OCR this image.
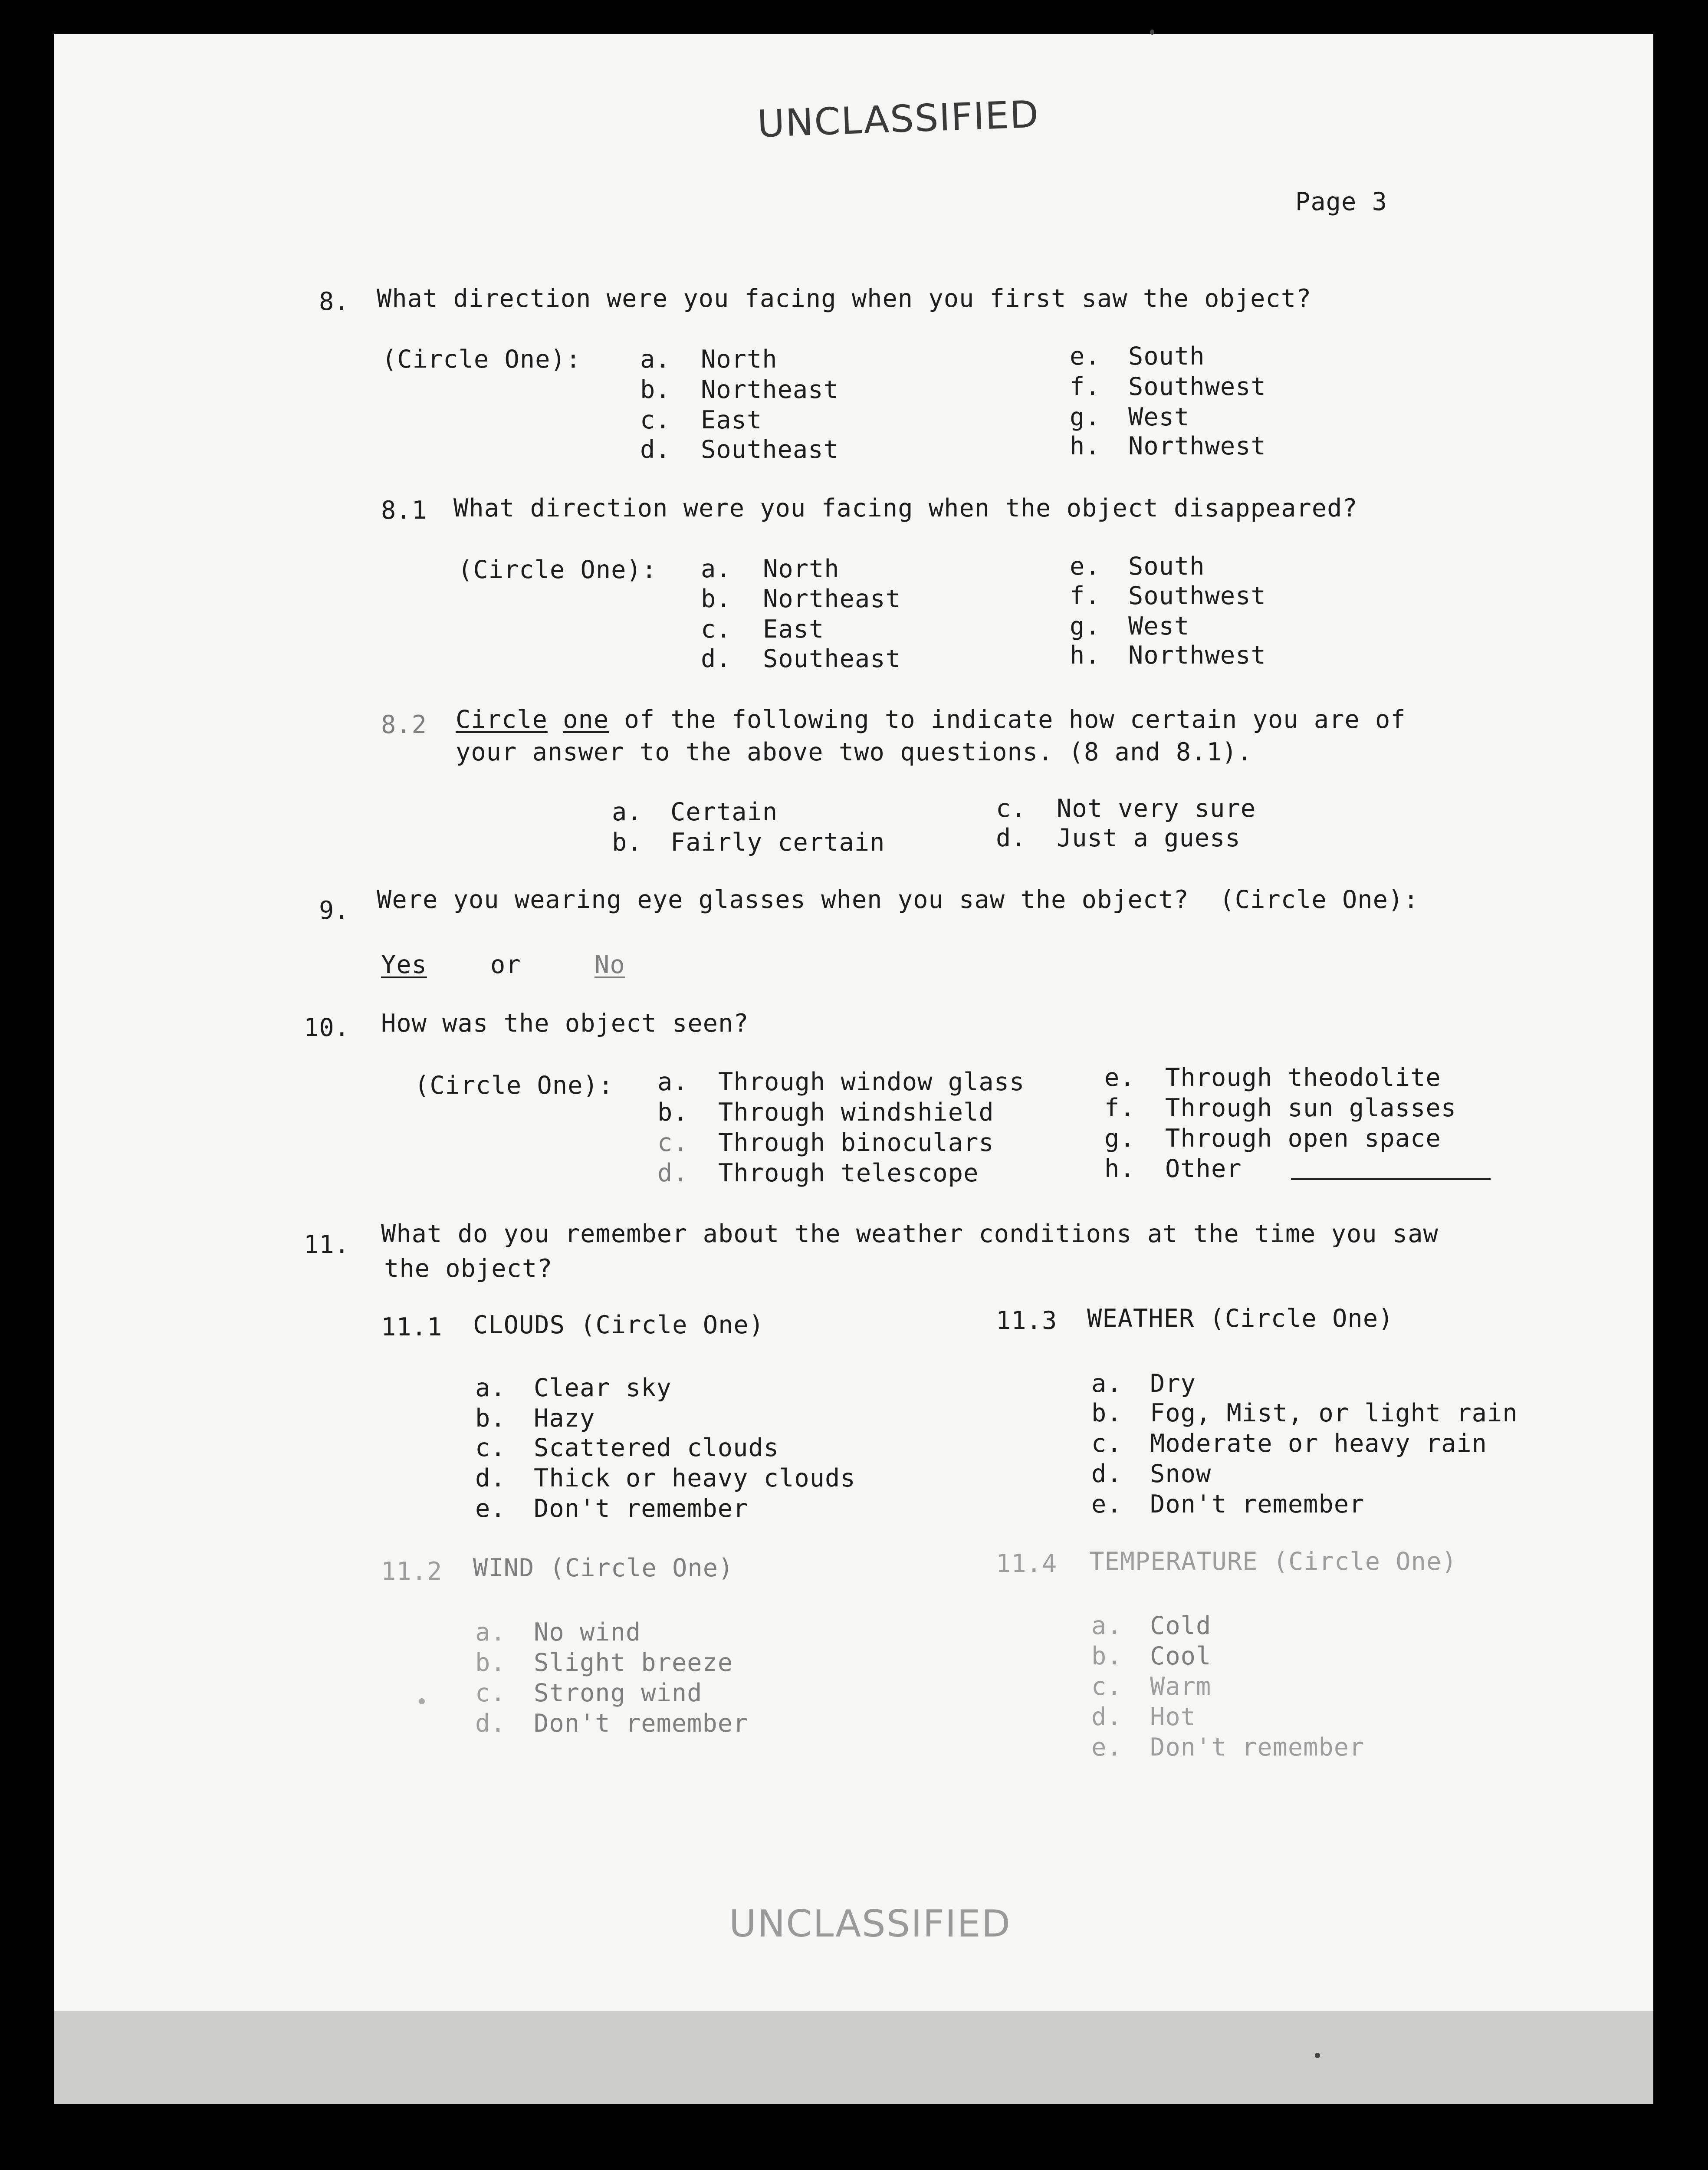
UNCLASSIFIED
Page 3
8. What direction were you facing when you first saw the object?
(Circle One): a. North
b. Northeast
c. East
d. Southeast
e. South
f. Southwest
g. West
h. Northwest
8.1 What direction were you facing when the object disappeared?
(Circle One): a. North
b. Northeast
c. East
d. Southeast
e. South
f. Southwest
g. West
h. Northwest
8.2 Circle one of the following to indicate how certain you are of
your answer to the above two questions. (8 and 8.1).
a. Certain
b. Fairly certain
c. Not very sure
d. Just a guess
9. Were you wearing eye glasses when you saw the object?  (Circle One):
Yes	or	No
10. How was the object seen?
(Circle One): a. Through window glass
b. Through windshield
c. Through binoculars
d. Through telescope
e. Through theodolite
f. Through sun glasses
g. Through open space
h. Other
11. What do you remember about the weather conditions at the time you saw
the object?
11.1 CLOUDS (Circle One)
a. Clear sky
b. Hazy
c. Scattered clouds
d. Thick or heavy clouds
e. Don't remember
11.3 WEATHER (Circle One)
a. Dry
b. Fog, Mist, or light rain
c. Moderate or heavy rain
d. Snow
e. Don't remember
11.2 WIND (Circle One)
a. No wind
b. Slight breeze
c. Strong wind
d. Don't remember
11.4 TEMPERATURE (Circle One)
a. Cold
b. Cool
c. Warm
d. Hot
e. Don't remember
UNCLASSIFIED
